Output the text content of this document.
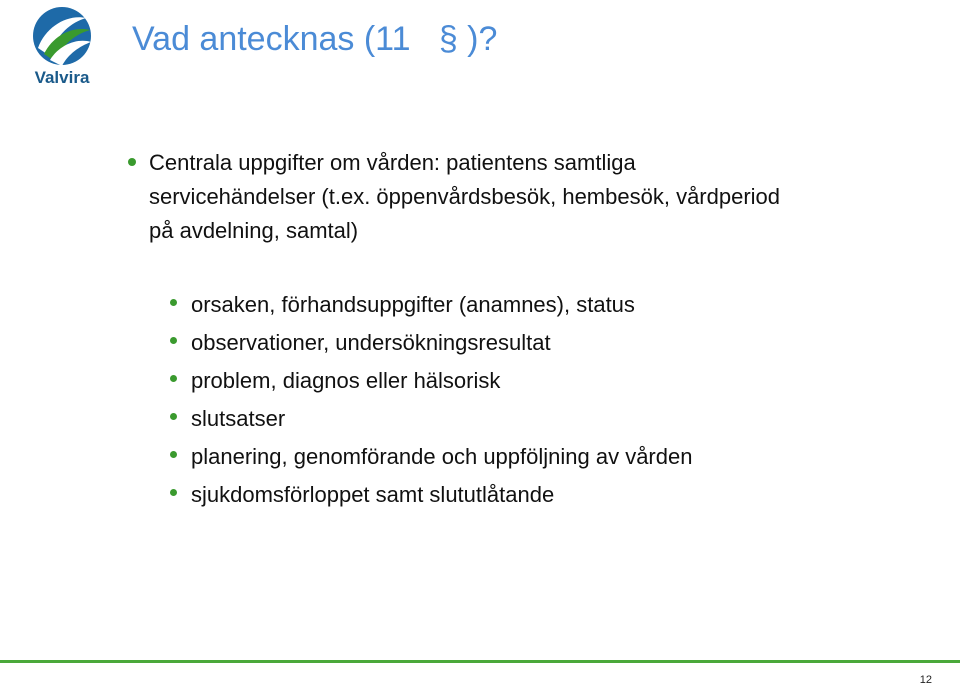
Valvira
Vad antecknas (11   § )?
Centrala uppgifter om vården: patientens samtliga servicehändelser (t.ex. öppenvårdsbesök, hembesök, vårdperiod på avdelning, samtal)
orsaken, förhandsuppgifter (anamnes), status
observationer, undersökningsresultat
problem, diagnos eller hälsorisk
slutsatser
planering, genomförande och uppföljning av vården
sjukdomsförloppet samt slututlåtande
12
